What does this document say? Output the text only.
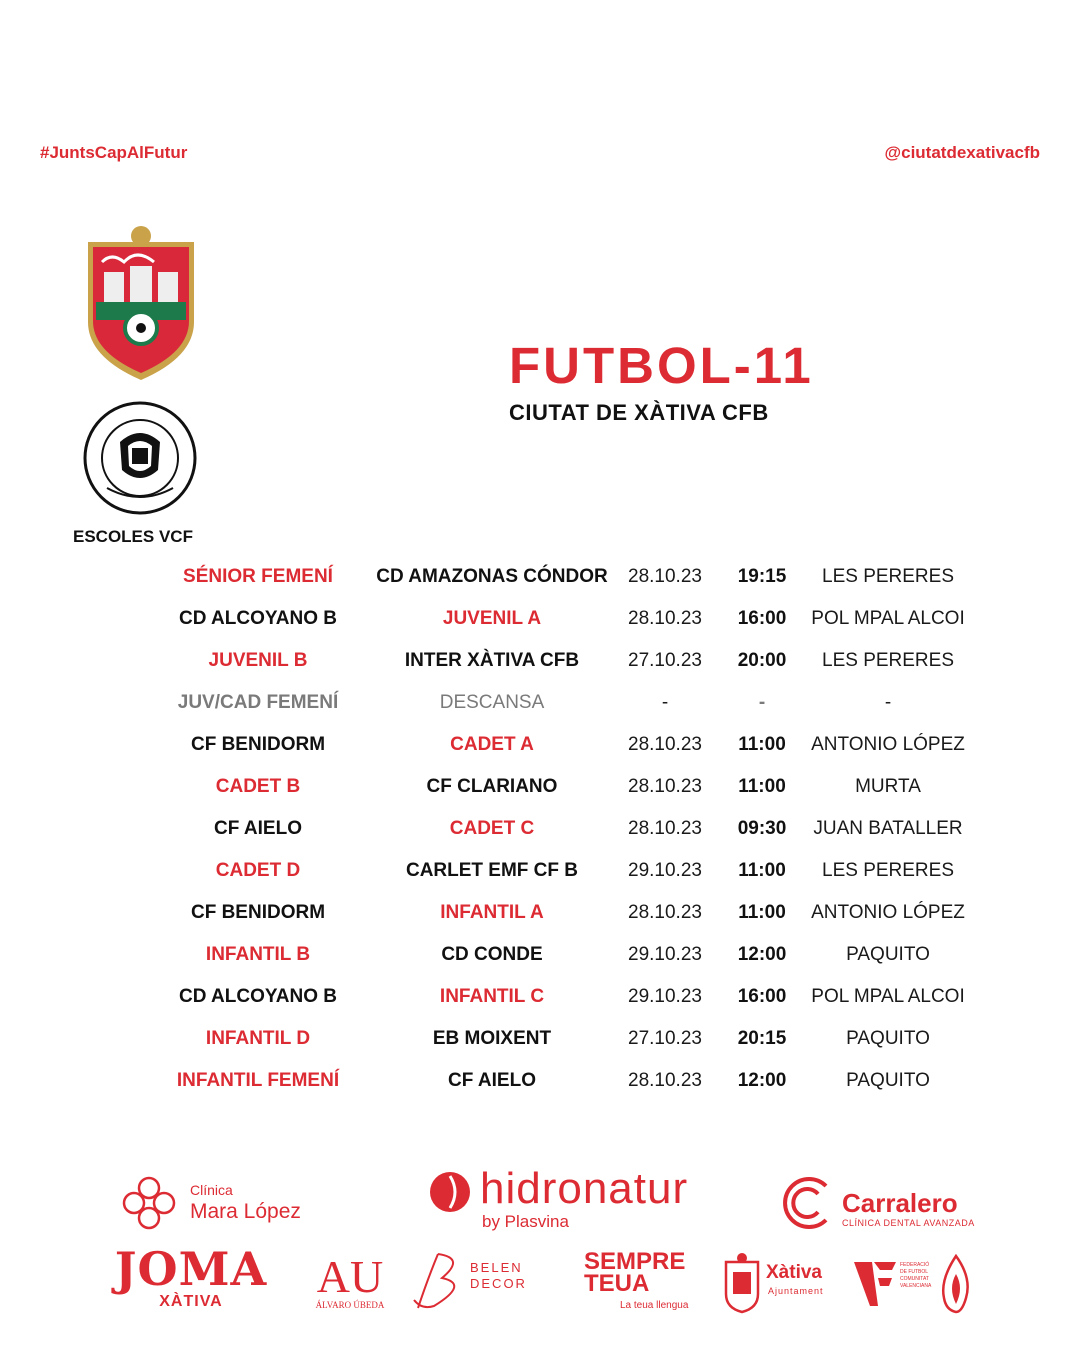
#JuntsCapAlFutur	@ciutatdexativacfb
ESCOLES VCF
FUTBOL-11
CIUTAT DE XÀTIVA CFB
SÉNIOR FEMENÍ	CD AMAZONAS CÓNDOR	28.10.23	19:15	LES PERERES
CD ALCOYANO B	JUVENIL A	28.10.23	16:00	POL MPAL ALCOI
JUVENIL B	INTER XÀTIVA CFB	27.10.23	20:00	LES PERERES
JUV/CAD FEMENÍ	DESCANSA	-	-	-
CF BENIDORM	CADET A	28.10.23	11:00	ANTONIO LÓPEZ
CADET B	CF CLARIANO	28.10.23	11:00	MURTA
CF AIELO	CADET C	28.10.23	09:30	JUAN BATALLER
CADET D	CARLET EMF CF B	29.10.23	11:00	LES PERERES
CF BENIDORM	INFANTIL A	28.10.23	11:00	ANTONIO LÓPEZ
INFANTIL B	CD CONDE	29.10.23	12:00	PAQUITO
CD ALCOYANO B	INFANTIL C	29.10.23	16:00	POL MPAL ALCOI
INFANTIL D	EB MOIXENT	27.10.23	20:15	PAQUITO
INFANTIL FEMENÍ	CF AIELO	28.10.23	12:00	PAQUITO
Clínica
Mara López	hidronatur
by Plasvina
Carralero
CLÍNICA DENTAL AVANZADA
JOMA
XÀTIVA	AU
ÁLVARO ÚBEDA
BELEN
DECOR
SEMPRE
TEUA
La teua llengua
Xàtiva
Ajuntament
FEDERACIÓ
DE FUTBOL
COMUNITAT
VALENCIANA
